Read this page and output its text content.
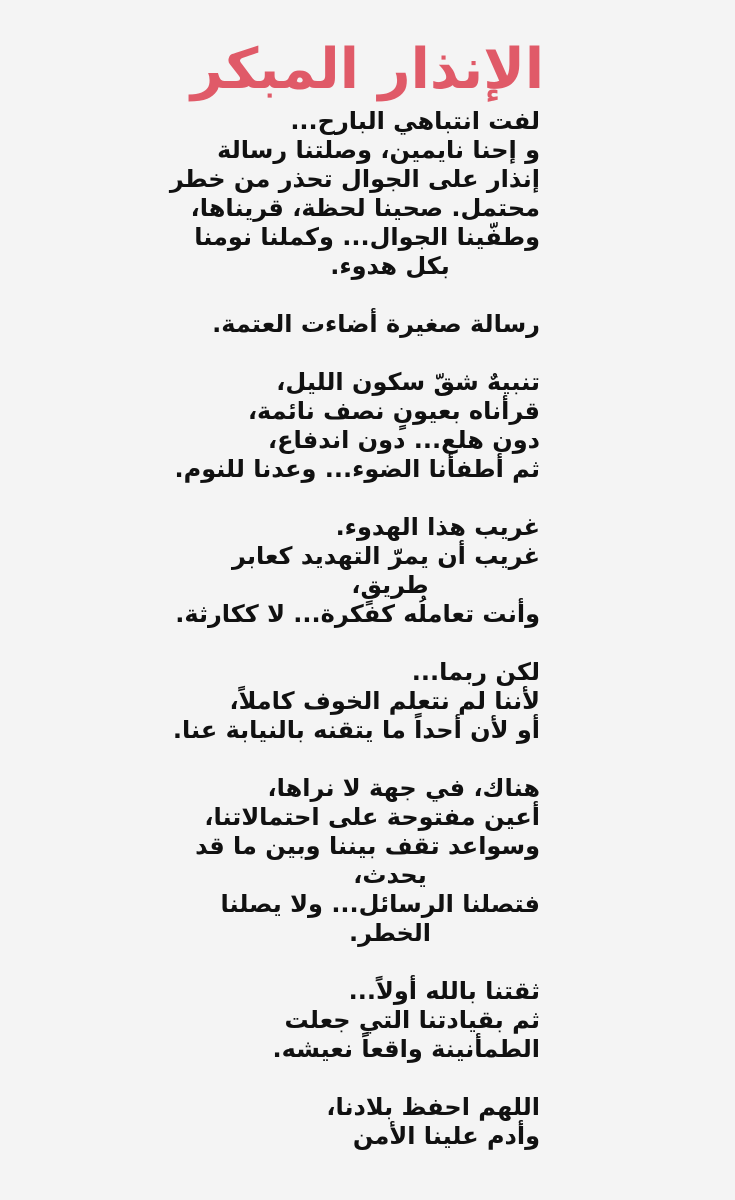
الإنذار المبكر

لفت انتباهي البارح...

و إحنا نايمين، وصلتنا رسالة

إنذار على الجوال تحذر من خطر

محتمل. صحينا لحظة، قريناها،

وطفّينا الجوال... وكملنا نومنا

بكل هدوء.

رسالة صغيرة أضاءت العتمة.

تنبيهٌ شقّ سكون الليل،

قرأناه بعيونٍ نصف نائمة،

دون هلع... دون اندفاع،

ثم أطفأنا الضوء... وعدنا للنوم.

غريب هذا الهدوء.

غريب أن يمرّ التهديد كعابر

طريقٍ،

وأنت تعاملُه كفكرة... لا ككارثة.

لكن ربما...

لأننا لم نتعلم الخوف كاملاً،

أو لأن أحداً ما يتقنه بالنيابة عنا.

هناك، في جهة لا نراها،

أعين مفتوحة على احتمالاتنا،

وسواعد تقف بيننا وبين ما قد

يحدث،

فتصلنا الرسائل... ولا يصلنا

الخطر.

ثقتنا بالله أولاً...

ثم بقيادتنا التي جعلت

الطمأنينة واقعاً نعيشه.

اللهم احفظ بلادنا،

وأدم علينا الأمن
